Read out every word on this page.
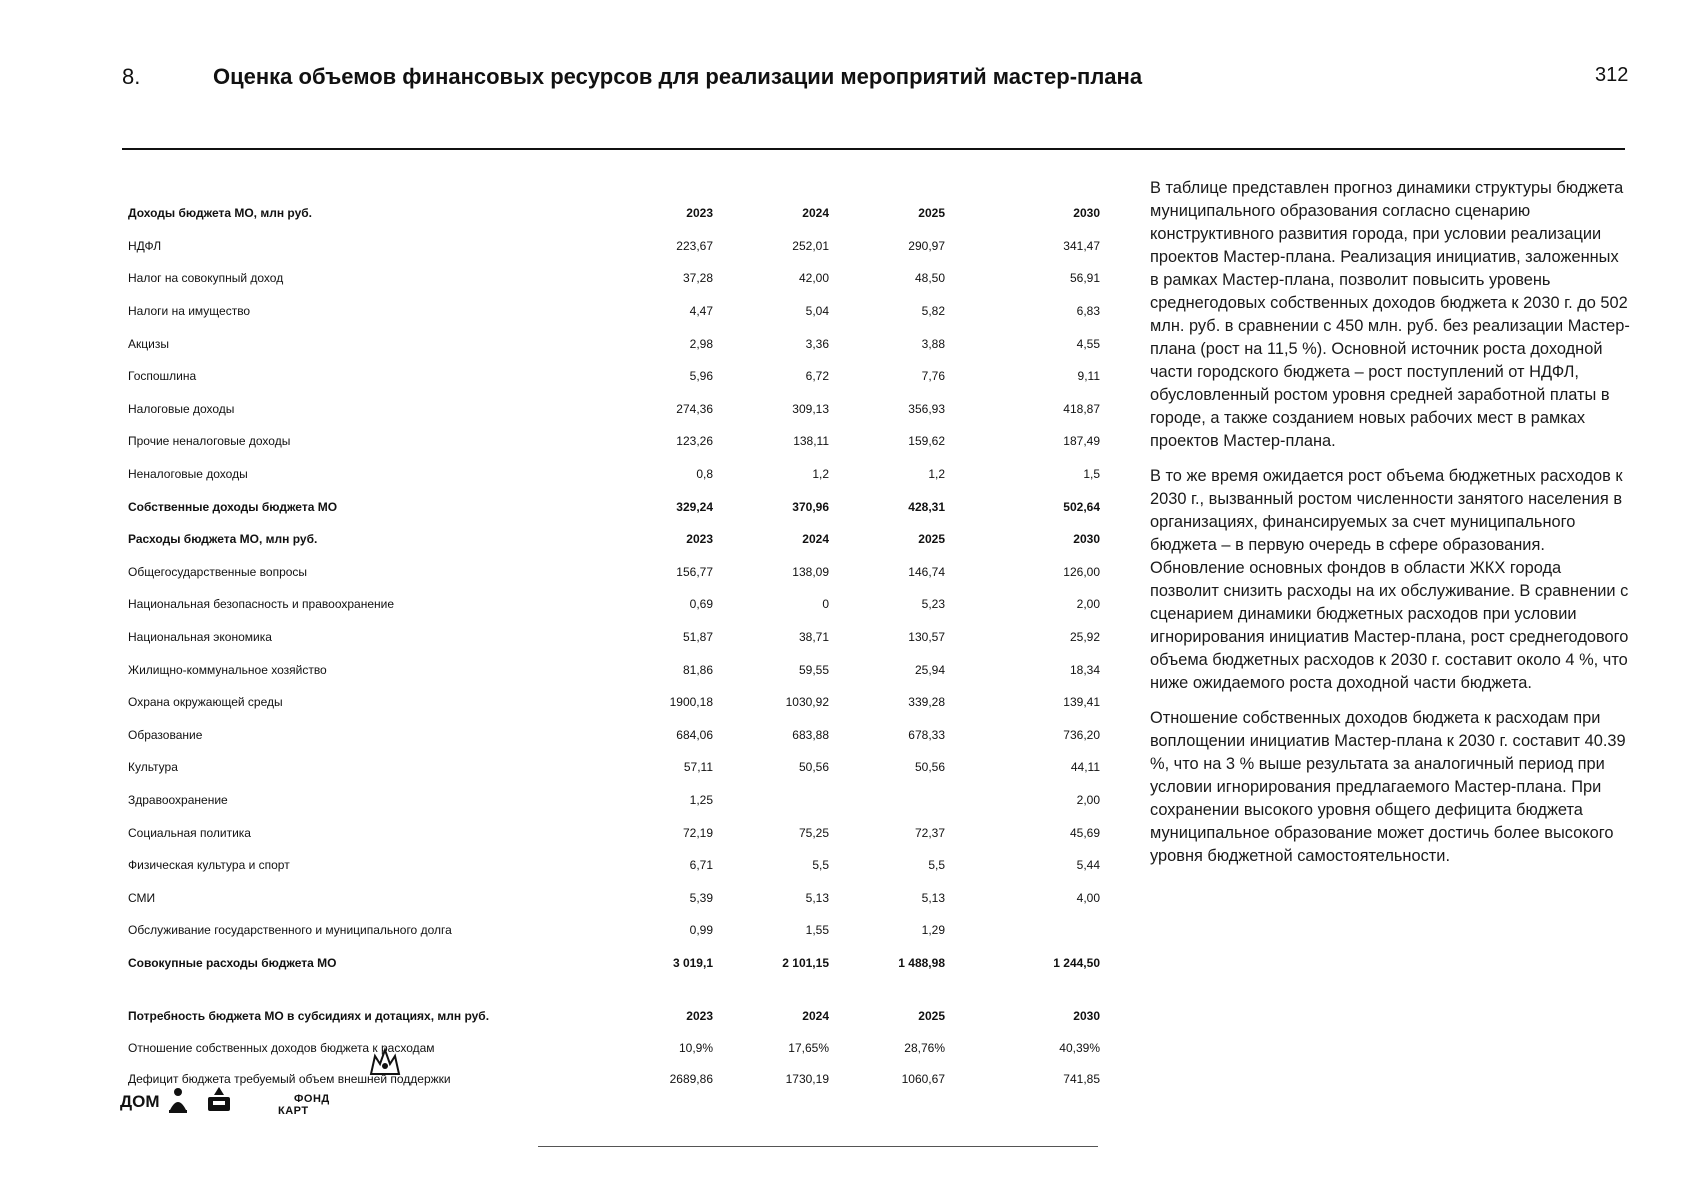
8.	Оценка объемов финансовых ресурсов для реализации мероприятий мастер-плана	312
Доходы бюджета МО, млн руб.	2023	2024	2025	2030
НДФЛ	223,67	252,01	290,97	341,47
Налог на совокупный доход	37,28	42,00	48,50	56,91
Налоги на имущество	4,47	5,04	5,82	6,83
Акцизы	2,98	3,36	3,88	4,55
Госпошлина	5,96	6,72	7,76	9,11
Налоговые доходы	274,36	309,13	356,93	418,87
Прочие неналоговые доходы	123,26	138,11	159,62	187,49
Неналоговые доходы	0,8	1,2	1,2	1,5
Собственные доходы бюджета МО	329,24	370,96	428,31	502,64
Расходы бюджета МО, млн руб.	2023	2024	2025	2030
Общегосударственные вопросы	156,77	138,09	146,74	126,00
Национальная безопасность и правоохранение	0,69	0	5,23	2,00
Национальная экономика	51,87	38,71	130,57	25,92
Жилищно-коммунальное хозяйство	81,86	59,55	25,94	18,34
Охрана окружающей среды	1900,18	1030,92	339,28	139,41
Образование	684,06	683,88	678,33	736,20
Культура	57,11	50,56	50,56	44,11
Здравоохранение	1,25			2,00
Социальная политика	72,19	75,25	72,37	45,69
Физическая культура и спорт	6,71	5,5	5,5	5,44
СМИ	5,39	5,13	5,13	4,00
Обслуживание государственного и муниципального долга	0,99	1,55	1,29	
Совокупные расходы бюджета МО	3 019,1	2 101,15	1 488,98	1 244,50

Потребность бюджета МО в субсидиях и дотациях, млн руб.	2023	2024	2025	2030
Отношение собственных доходов бюджета к расходам	10,9%	17,65%	28,76%	40,39%
Дефицит бюджета требуемый объем внешней поддержки	2689,86	1730,19	1060,67	741,85

В таблице представлен прогноз динамики структуры бюджета муниципального образования согласно сценарию конструктивного развития города, при условии реализации проектов Мастер-плана. Реализация инициатив, заложенных в рамках Мастер-плана, позволит повысить уровень среднегодовых собственных доходов бюджета к 2030 г. до 502 млн. руб. в сравнении с 450 млн. руб. без реализации Мастер-плана (рост на 11,5 %). Основной источник роста доходной части городского бюджета – рост поступлений от НДФЛ, обусловленный ростом уровня средней заработной платы в городе, а также созданием новых рабочих мест в рамках проектов Мастер-плана.

В то же время ожидается рост объема бюджетных расходов к 2030 г., вызванный ростом численности занятого населения в организациях, финансируемых за счет муниципального бюджета – в первую очередь в сфере образования. Обновление основных фондов в области ЖКХ города позволит снизить расходы на их обслуживание. В сравнении с сценарием динамики бюджетных расходов при условии игнорирования инициатив Мастер-плана, рост среднегодового объема бюджетных расходов к 2030 г. составит около 4 %, что ниже ожидаемого роста доходной части бюджета.

Отношение собственных доходов бюджета к расходам при воплощении инициатив Мастер-плана к 2030 г. составит 40.39 %, что на 3 % выше результата за аналогичный период при условии игнорирования предлагаемого Мастер-плана. При сохранении высокого уровня общего дефицита бюджета муниципальное образование может достичь более высокого уровня бюджетной самостоятельности.

ДОМ	ФОНД
КАРТ
